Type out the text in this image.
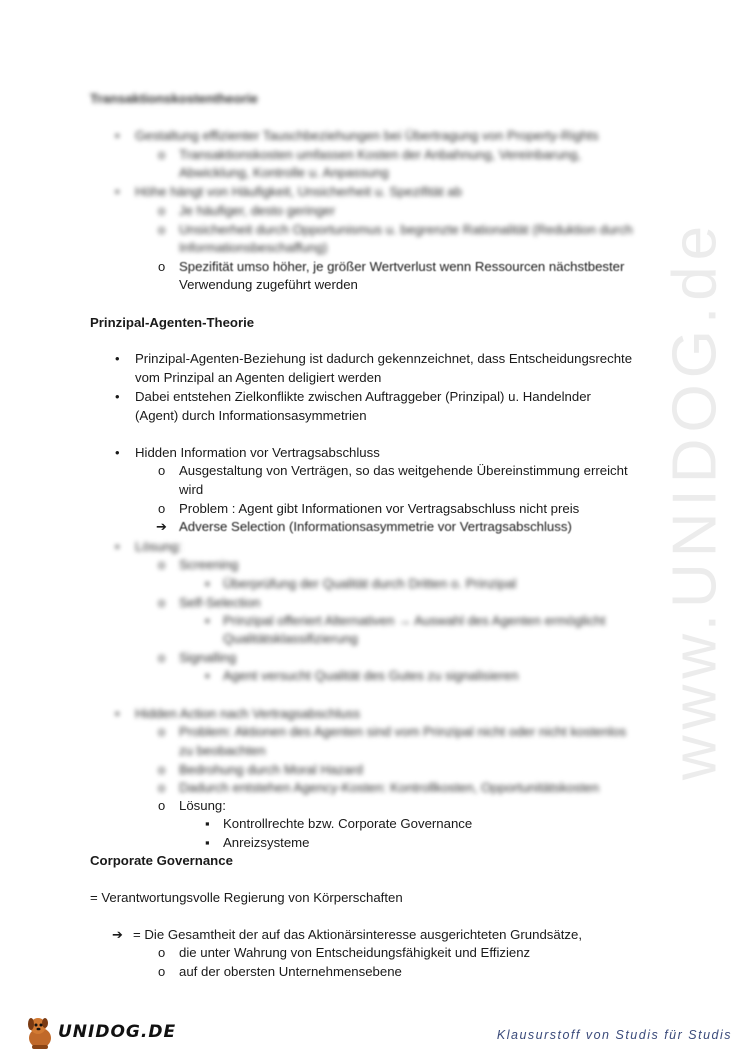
www.UNIDOG.de
Transaktionskostentheorie
• Gestaltung effizienter Tauschbeziehungen bei Übertragung von Property-Rights
o Transaktionskosten umfassen Kosten der Anbahnung, Vereinbarung,
Abwicklung, Kontrolle u. Anpassung
• Höhe hängt von Häufigkeit, Unsicherheit u. Spezifität ab
o Je häufiger, desto geringer
o Unsicherheit durch Opportunismus u. begrenzte Rationalität (Reduktion durch
Informationsbeschaffung)
o Spezifität umso höher, je größer Wertverlust wenn Ressourcen nächstbester
Verwendung zugeführt werden
Prinzipal-Agenten-Theorie
• Prinzipal-Agenten-Beziehung ist dadurch gekennzeichnet, dass Entscheidungsrechte
vom Prinzipal an Agenten deligiert werden
• Dabei entstehen Zielkonflikte zwischen Auftraggeber (Prinzipal) u. Handelnder
(Agent) durch Informationsasymmetrien
• Hidden Information vor Vertragsabschluss
o Ausgestaltung von Verträgen, so das weitgehende Übereinstimmung erreicht
wird
o Problem : Agent gibt Informationen vor Vertragsabschluss nicht preis
➔ Adverse Selection (Informationsasymmetrie vor Vertragsabschluss)
• Lösung:
o Screening
▪ Überprüfung der Qualität durch Dritten o. Prinzipal
o Self-Selection
▪ Prinzipal offeriert Alternativen → Auswahl des Agenten ermöglicht
Qualitätsklassifizierung
o Signalling
▪ Agent versucht Qualität des Gutes zu signalisieren
• Hidden Action nach Vertragsabschluss
o Problem: Aktionen des Agenten sind vom Prinzipal nicht oder nicht kostenlos
zu beobachten
o Bedrohung durch Moral Hazard
o Dadurch entstehen Agency-Kosten: Kontrollkosten, Opportunitätskosten
o Lösung:
▪ Kontrollrechte bzw. Corporate Governance
▪ Anreizsysteme
Corporate Governance
= Verantwortungsvolle Regierung von Körperschaften
➔ = Die Gesamtheit der auf das Aktionärsinteresse ausgerichteten Grundsätze,
o die unter Wahrung von Entscheidungsfähigkeit und Effizienz
o auf der obersten Unternehmensebene
UNIDOG.DE	Klausurstoff von Studis für Studis
